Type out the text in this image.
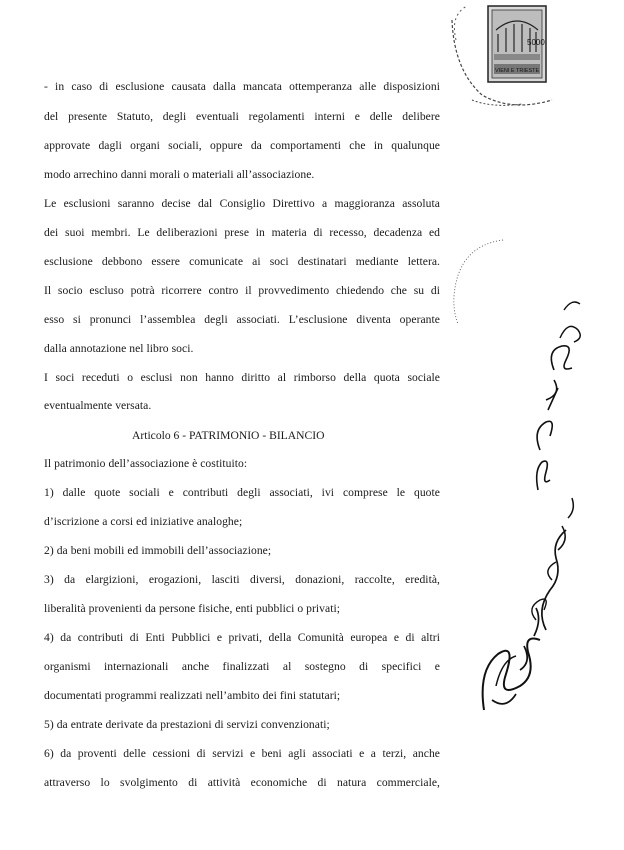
5000
VIENI E TRIESTE
- in caso di esclusione causata dalla mancata ottemperanza alle disposizioni
del presente Statuto, degli eventuali regolamenti interni e delle delibere
approvate dagli organi sociali, oppure da comportamenti che in qualunque
modo arrechino danni morali o materiali all’associazione.
Le esclusioni saranno decise dal Consiglio Direttivo a maggioranza assoluta
dei suoi membri. Le deliberazioni prese in materia di recesso, decadenza ed
esclusione debbono essere comunicate ai soci destinatari mediante lettera.
Il socio escluso potrà ricorrere contro il provvedimento chiedendo che su di
esso si pronunci l’assemblea degli associati. L’esclusione diventa operante
dalla annotazione nel libro soci.
I soci receduti o esclusi non hanno diritto al rimborso della quota sociale
eventualmente versata.
Articolo 6 - PATRIMONIO - BILANCIO
Il patrimonio dell’associazione è costituito:
1) dalle quote sociali e contributi degli associati, ivi comprese le quote
d’iscrizione a corsi ed iniziative analoghe;
2) da beni mobili ed immobili dell’associazione;
3) da elargizioni, erogazioni, lasciti diversi, donazioni, raccolte, eredità,
liberalità provenienti da persone fisiche, enti pubblici o privati;
4) da contributi di Enti Pubblici e privati, della Comunità europea e di altri
organismi internazionali anche finalizzati al sostegno di specifici e
documentati programmi realizzati nell’ambito dei fini statutari;
5) da entrate derivate da prestazioni di servizi convenzionati;
6) da proventi delle cessioni di servizi e beni agli associati e a terzi, anche
attraverso lo svolgimento di attività economiche di natura commerciale,
